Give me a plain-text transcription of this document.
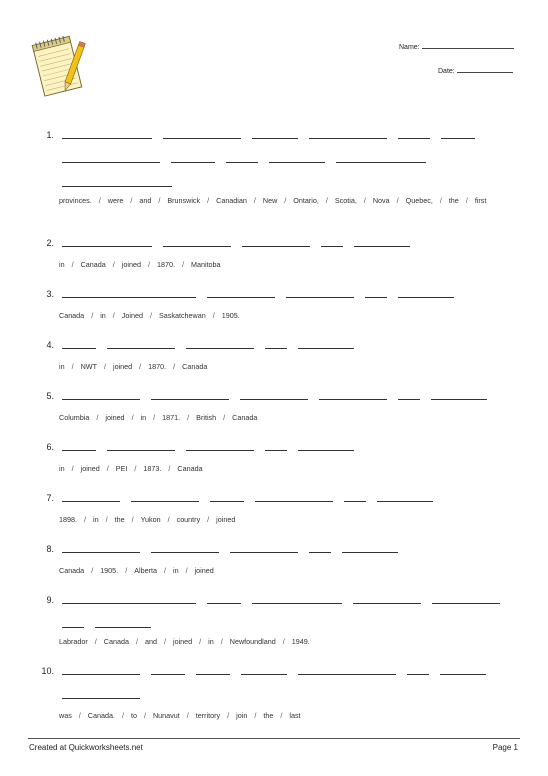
Name:
Date:
1.
provinces. / were / and / Brunswick / Canadian / New / Ontario, / Scotia, / Nova / Quebec, / the / first
2.
in / Canada / joined / 1870. / Manitoba
3.
Canada / in / Joined / Saskatchewan / 1905.
4.
in / NWT / joined / 1870. / Canada
5.
Columbia / joined / in / 1871. / British / Canada
6.
in / joined / PEI / 1873. / Canada
7.
1898. / in / the / Yukon / country / joined
8.
Canada / 1905. / Alberta / in / joined
9.
Labrador / Canada / and / joined / in / Newfoundland / 1949.
10.
was / Canada. / to / Nunavut / territory / join / the / last
Created at Quickworksheets.net	Page 1
